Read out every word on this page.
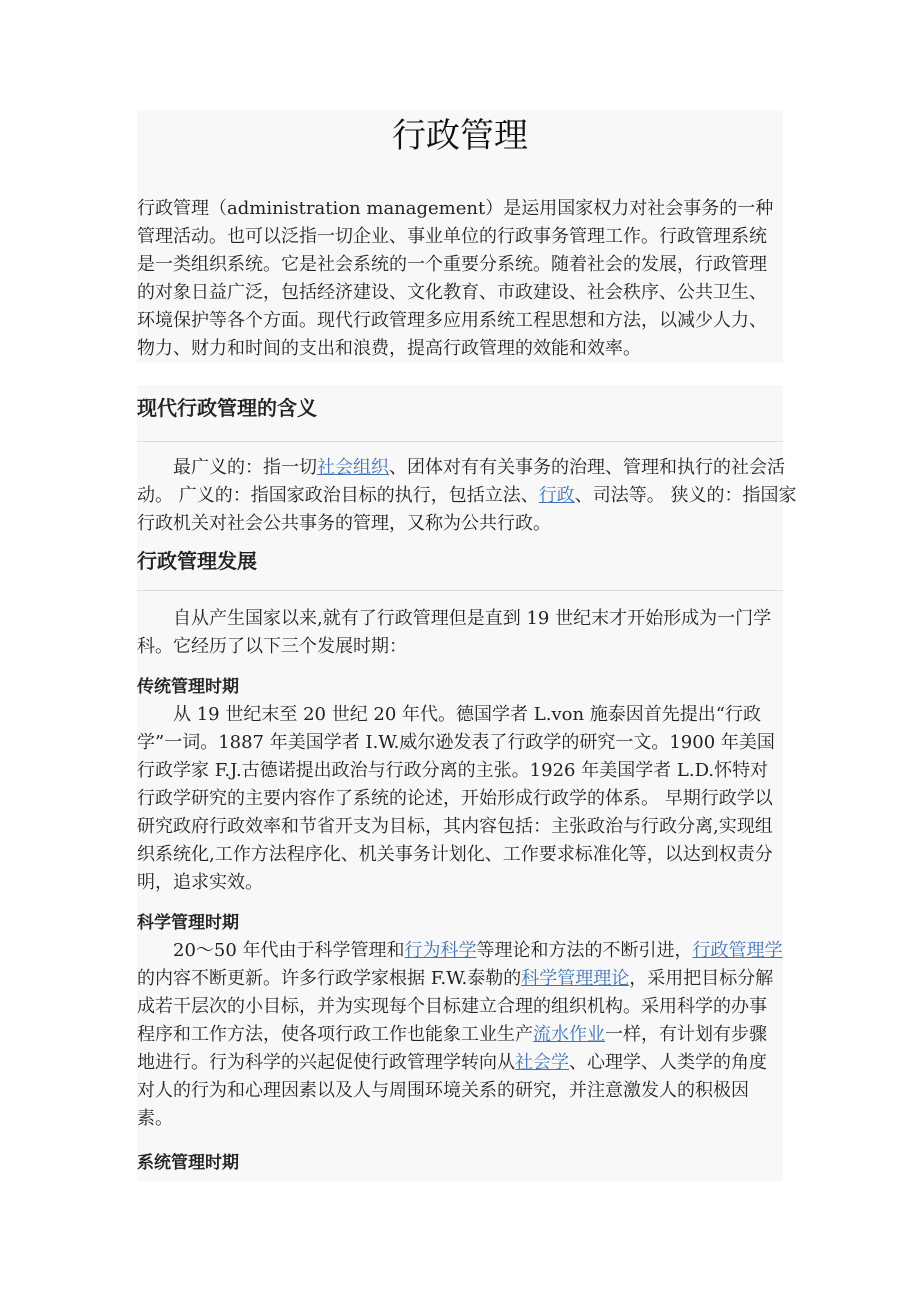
行政管理

行政管理（administration management）是运用国家权力对社会事务的一种管理活动。也可以泛指一切企业、事业单位的行政事务管理工作。行政管理系统是一类组织系统。它是社会系统的一个重要分系统。随着社会的发展，行政管理的对象日益广泛，包括经济建设、文化教育、市政建设、社会秩序、公共卫生、环境保护等各个方面。现代行政管理多应用系统工程思想和方法，以减少人力、物力、财力和时间的支出和浪费，提高行政管理的效能和效率。

现代行政管理的含义

最广义的：指一切社会组织、团体对有有关事务的治理、管理和执行的社会活动。 广义的：指国家政治目标的执行，包括立法、行政、司法等。 狭义的：指国家行政机关对社会公共事务的管理，又称为公共行政。

行政管理发展

自从产生国家以来,就有了行政管理但是直到 19 世纪末才开始形成为一门学科。它经历了以下三个发展时期：

传统管理时期

从 19 世纪末至 20 世纪 20 年代。德国学者 L.von 施泰因首先提出“行政学”一词。1887 年美国学者 I.W.威尔逊发表了行政学的研究一文。1900 年美国行政学家 F.J.古德诺提出政治与行政分离的主张。1926 年美国学者 L.D.怀特对行政学研究的主要内容作了系统的论述，开始形成行政学的体系。 早期行政学以研究政府行政效率和节省开支为目标，其内容包括：主张政治与行政分离,实现组织系统化,工作方法程序化、机关事务计划化、工作要求标准化等，以达到权责分明，追求实效。

科学管理时期

20～50 年代由于科学管理和行为科学等理论和方法的不断引进，行政管理学的内容不断更新。许多行政学家根据 F.W.泰勒的科学管理理论，采用把目标分解成若干层次的小目标，并为实现每个目标建立合理的组织机构。采用科学的办事程序和工作方法，使各项行政工作也能象工业生产流水作业一样，有计划有步骤地进行。行为科学的兴起促使行政管理学转向从社会学、心理学、人类学的角度对人的行为和心理因素以及人与周围环境关系的研究，并注意激发人的积极因素。

系统管理时期
